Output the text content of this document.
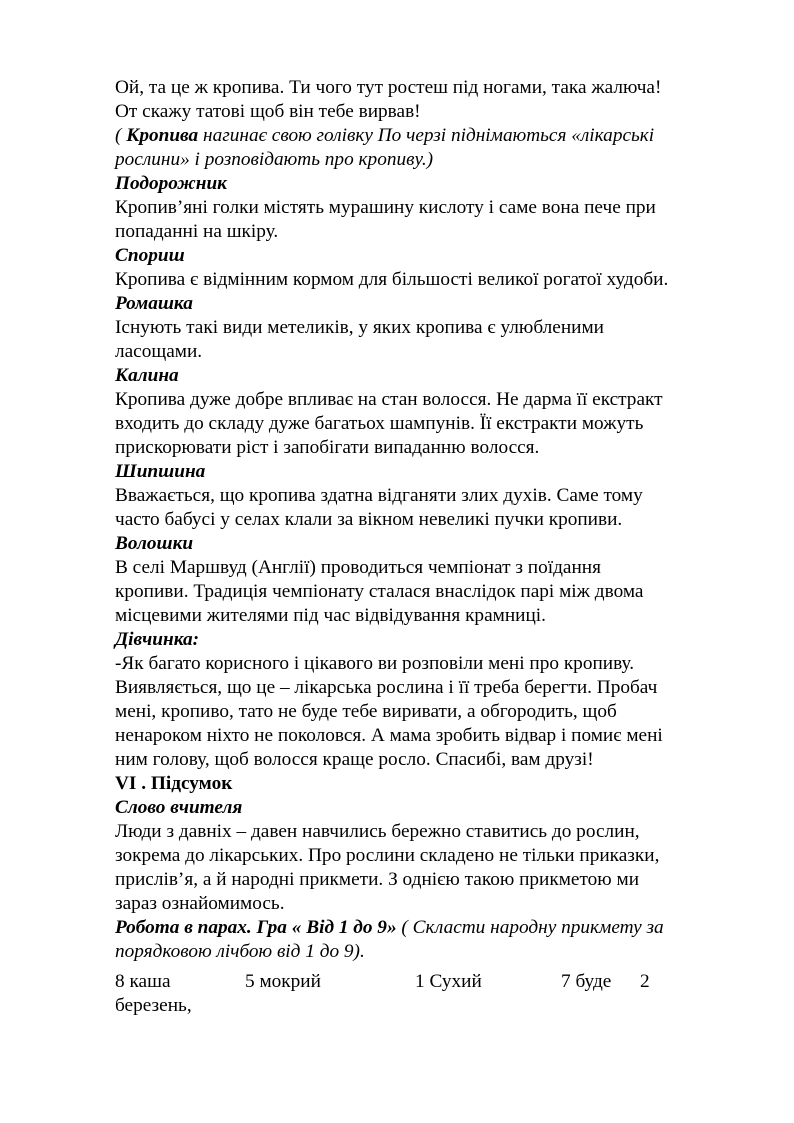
Ой, та це ж кропива. Ти чого тут ростеш під ногами, така жалюча!
От скажу татові щоб він тебе вирвав!
( Кропива нагинає свою голівку По черзі піднімаються «лікарські
рослини» і розповідають про кропиву.)
Подорожник
Кропив’яні голки містять мурашину кислоту і саме вона пече при
попаданні на шкіру.
Спориш
Кропива є відмінним кормом для більшості великої рогатої худоби.
Ромашка
Існують такі види метеликів, у яких кропива є улюбленими
ласощами.
Калина
Кропива дуже добре впливає на стан волосся. Не дарма її екстракт
входить до складу дуже багатьох шампунів. Її екстракти можуть
прискорювати ріст і запобігати випаданню волосся.
Шипшина
Вважається, що кропива здатна відганяти злих духів. Саме тому
часто бабусі у селах клали за вікном невеликі пучки кропиви.
Волошки
В селі Маршвуд (Англії) проводиться чемпіонат з поїдання
кропиви. Традиція чемпіонату сталася внаслідок парі між двома
місцевими жителями під час відвідування крамниці.
Дівчинка:
-Як багато корисного і цікавого ви розповіли мені про кропиву.
Виявляється, що це – лікарська рослина і її треба берегти. Пробач
мені, кропиво, тато не буде тебе виривати, а обгородить, щоб
ненароком ніхто не поколовся. А мама зробить відвар і помиє мені
ним голову, щоб волосся краще росло. Спасибі, вам друзі!
VI . Підсумок
Слово вчителя
Люди з давніх – давен навчились бережно ставитись до рослин,
зокрема до лікарських. Про рослини складено не тільки приказки,
прислів’я, а й народні прикмети. З однією такою прикметою ми
зараз ознайомимось.
Робота в парах. Гра « Від 1 до 9» ( Скласти народну прикмету за
порядковою лічбою від 1 до 9).
8 каша	5 мокрий	1 Сухий	7 буде	2
березень,
